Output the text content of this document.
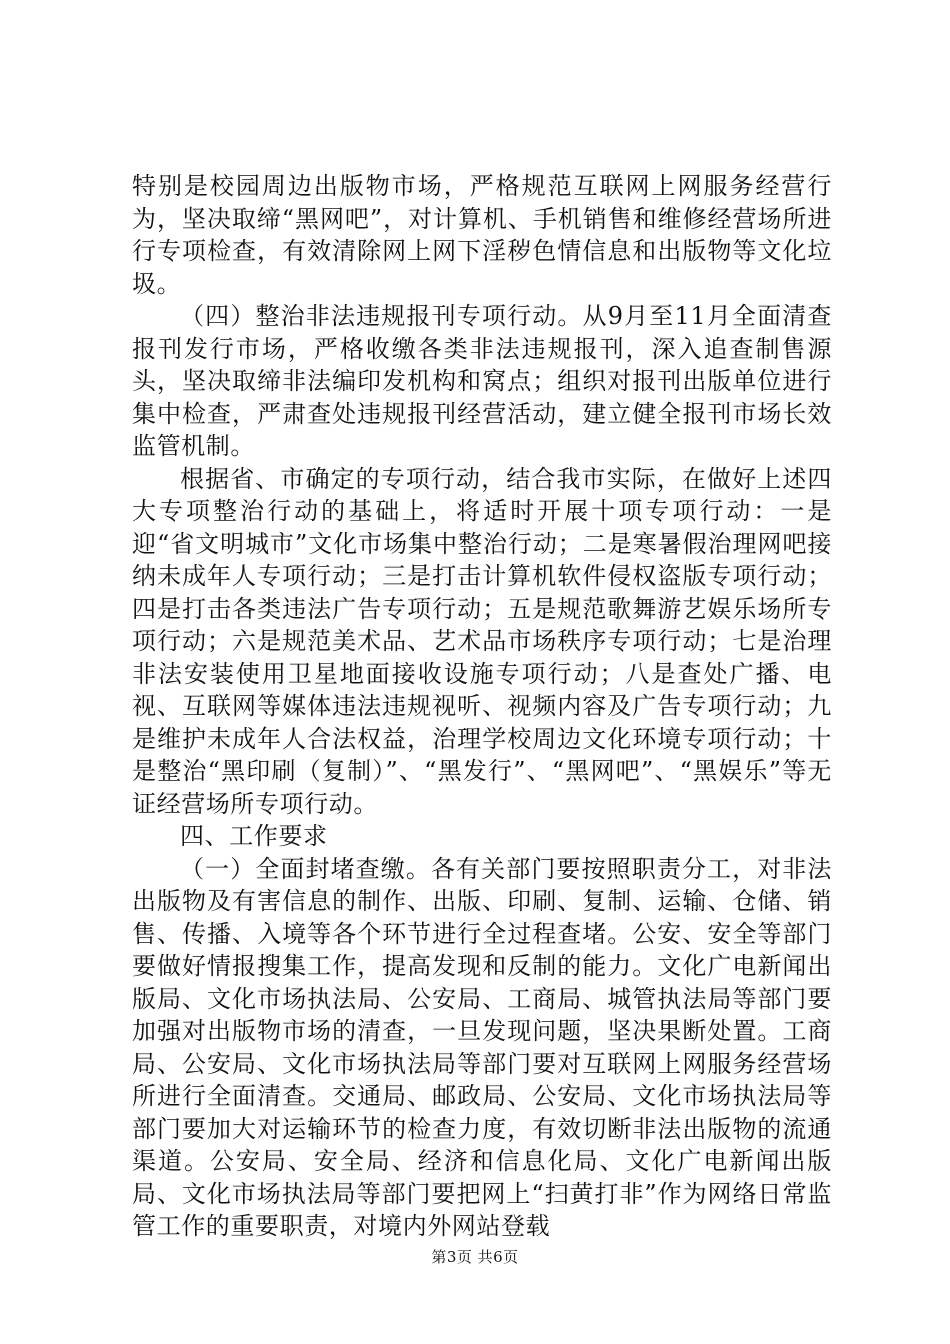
特别是校园周边出版物市场，严格规范互联网上网服务经营行为，坚决取缔“黑网吧”，对计算机、手机销售和维修经营场所进行专项检查，有效清除网上网下淫秽色情信息和出版物等文化垃圾。

（四）整治非法违规报刊专项行动。从9月至11月全面清查报刊发行市场，严格收缴各类非法违规报刊，深入追查制售源头，坚决取缔非法编印发机构和窝点；组织对报刊出版单位进行集中检查，严肃查处违规报刊经营活动，建立健全报刊市场长效监管机制。

根据省、市确定的专项行动，结合我市实际，在做好上述四大专项整治行动的基础上，将适时开展十项专项行动：一是迎“省文明城市”文化市场集中整治行动；二是寒暑假治理网吧接纳未成年人专项行动；三是打击计算机软件侵权盗版专项行动；四是打击各类违法广告专项行动；五是规范歌舞游艺娱乐场所专项行动；六是规范美术品、艺术品市场秩序专项行动；七是治理非法安装使用卫星地面接收设施专项行动；八是查处广播、电视、互联网等媒体违法违规视听、视频内容及广告专项行动；九是维护未成年人合法权益，治理学校周边文化环境专项行动；十是整治“黑印刷（复制）”、“黑发行”、“黑网吧”、“黑娱乐”等无证经营场所专项行动。

四、工作要求

（一）全面封堵查缴。各有关部门要按照职责分工，对非法出版物及有害信息的制作、出版、印刷、复制、运输、仓储、销售、传播、入境等各个环节进行全过程查堵。公安、安全等部门要做好情报搜集工作，提高发现和反制的能力。文化广电新闻出版局、文化市场执法局、公安局、工商局、城管执法局等部门要加强对出版物市场的清查，一旦发现问题，坚决果断处置。工商局、公安局、文化市场执法局等部门要对互联网上网服务经营场所进行全面清查。交通局、邮政局、公安局、文化市场执法局等部门要加大对运输环节的检查力度，有效切断非法出版物的流通渠道。公安局、安全局、经济和信息化局、文化广电新闻出版局、文化市场执法局等部门要把网上“扫黄打非”作为网络日常监管工作的重要职责，对境内外网站登载

第3页 共6页
